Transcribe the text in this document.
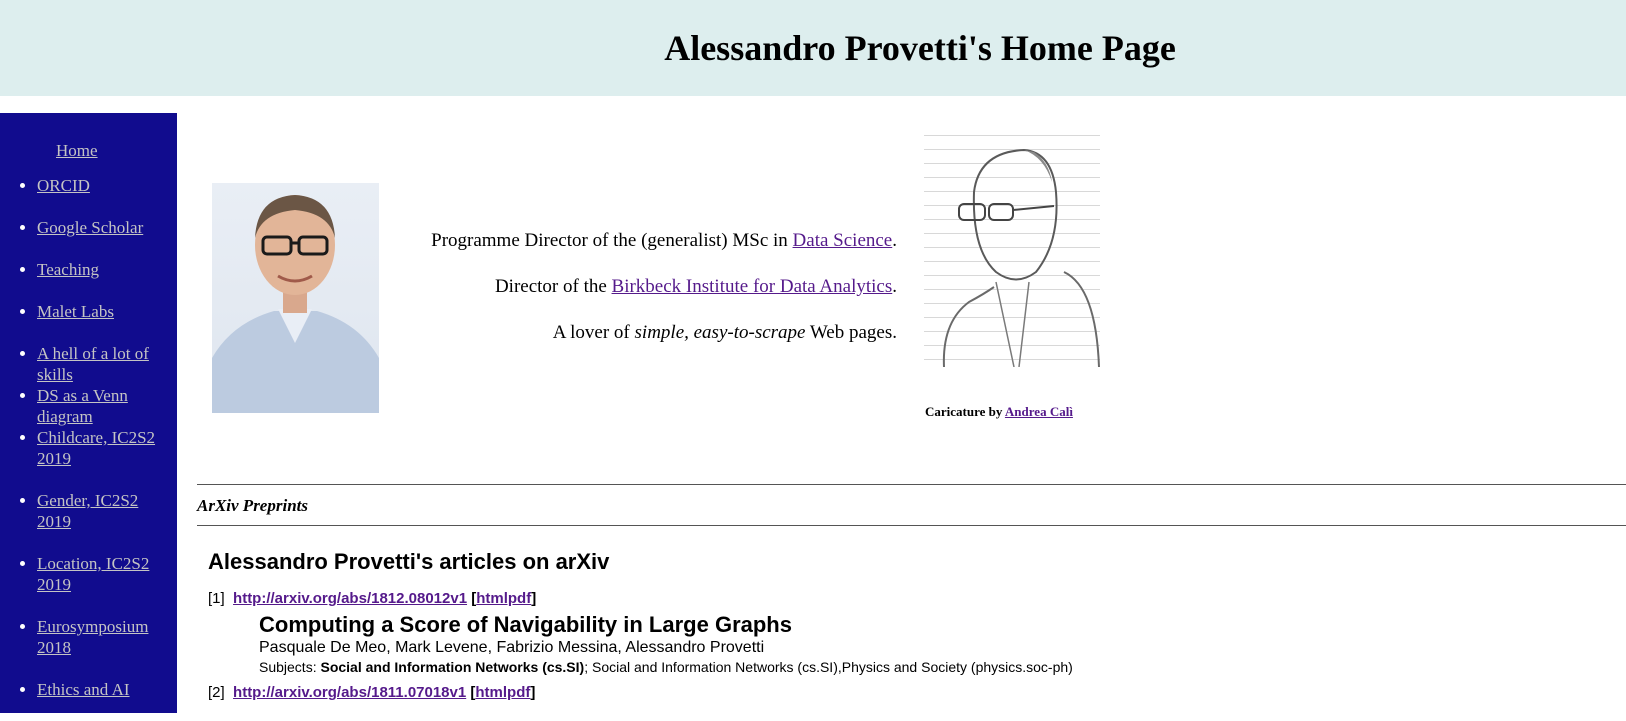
Alessandro Provetti's Home Page
Home
• ORCID
• Google Scholar
• Teaching
• Malet Labs
• A hell of a lot of skills
• DS as a Venn diagram
• Childcare, IC2S2 2019
• Gender, IC2S2 2019
• Location, IC2S2 2019
• Eurosymposium 2018
• Ethics and AI

Programme Director of the (generalist) MSc in Data Science.

Director of the Birkbeck Institute for Data Analytics.

A lover of simple, easy-to-scrape Web pages.

Caricature by Andrea Calì
ArXiv Preprints
Alessandro Provetti's articles on arXiv
[1] http://arxiv.org/abs/1812.08012v1 [htmlpdf]
Computing a Score of Navigability in Large Graphs
Pasquale De Meo, Mark Levene, Fabrizio Messina, Alessandro Provetti
Subjects: Social and Information Networks (cs.SI); Social and Information Networks (cs.SI),Physics and Society (physics.soc-ph)
[2] http://arxiv.org/abs/1811.07018v1 [htmlpdf]
